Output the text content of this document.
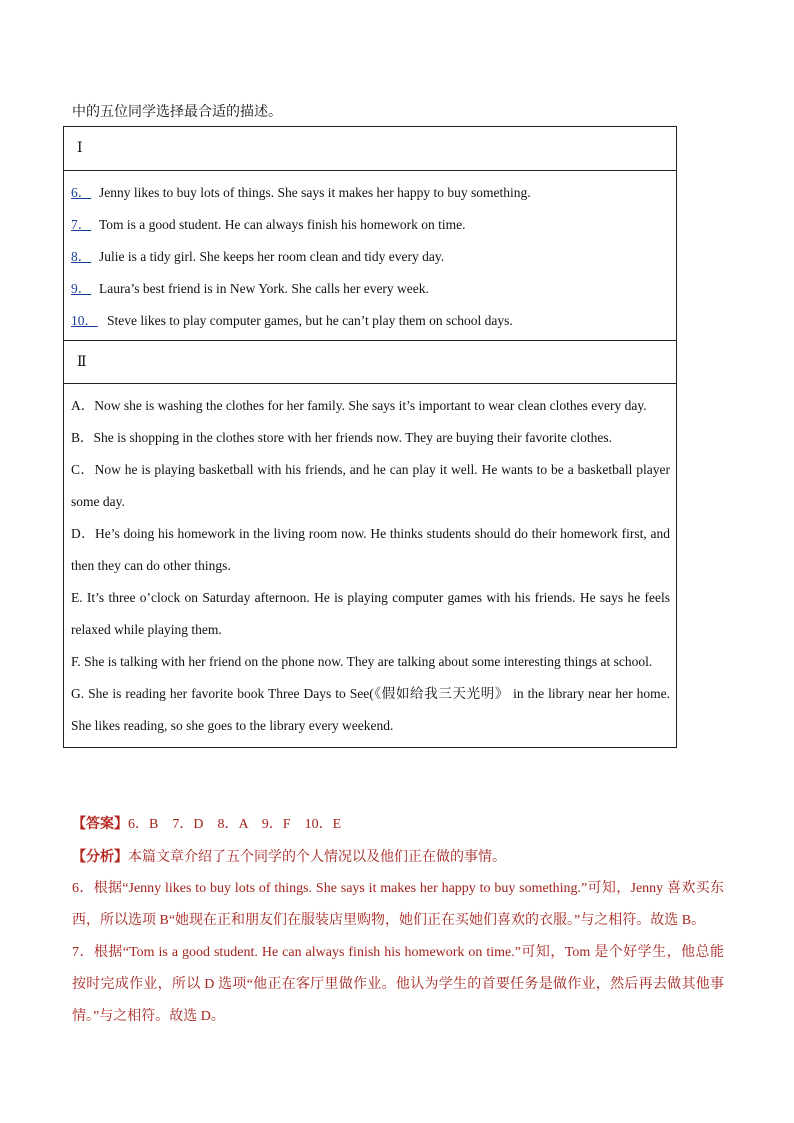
中的五位同学选择最合适的描述。
Ⅰ
6． Jenny likes to buy lots of things. She says it makes her happy to buy something.
7． Tom is a good student. He can always finish his homework on time.
8． Julie is a tidy girl. She keeps her room clean and tidy every day.
9． Laura’s best friend is in New York. She calls her every week.
10． Steve likes to play computer games, but he can’t play them on school days.
Ⅱ
A．Now she is washing the clothes for her family. She says it’s important to wear clean clothes every day.
B．She is shopping in the clothes store with her friends now. They are buying their favorite clothes.
C．Now he is playing basketball with his friends, and he can play it well. He wants to be a basketball player some day.
D．He’s doing his homework in the living room now. He thinks students should do their homework first, and then they can do other things.
E. It’s three o’clock on Saturday afternoon. He is playing computer games with his friends. He says he feels relaxed while playing them.
F. She is talking with her friend on the phone now. They are talking about some interesting things at school.
G. She is reading her favorite book Three Days to See(《假如给我三天光明》 in the library near her home. She likes reading, so she goes to the library every weekend.

【答案】6．B　7．D　8．A　9．F　10．E

【分析】本篇文章介绍了五个同学的个人情况以及他们正在做的事情。

6．根据“Jenny likes to buy lots of things. She says it makes her happy to buy something.”可知，Jenny 喜欢买东西，所以选项 B“她现在正和朋友们在服装店里购物，她们正在买她们喜欢的衣服。”与之相符。故选 B。

7．根据“Tom is a good student. He can always finish his homework on time.”可知，Tom 是个好学生，他总能按时完成作业，所以 D 选项“他正在客厅里做作业。他认为学生的首要任务是做作业，然后再去做其他事情。”与之相符。故选 D。
